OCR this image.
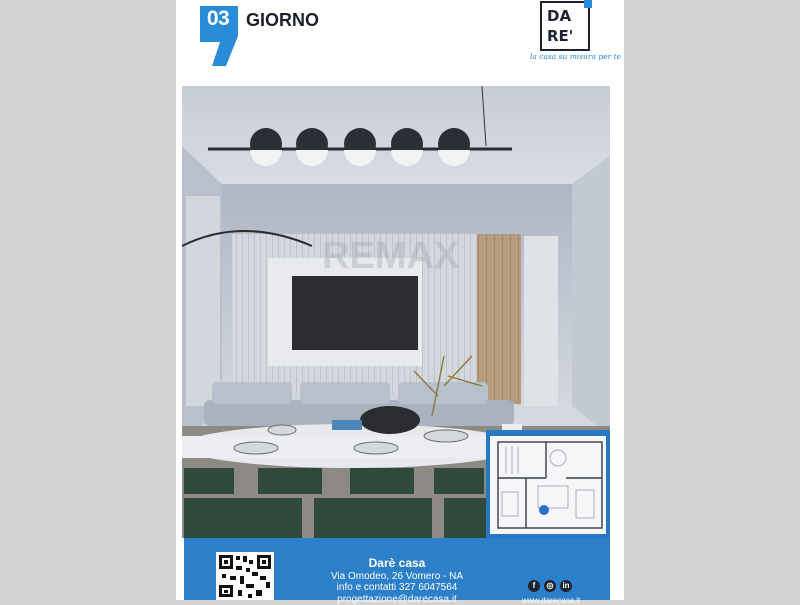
03 GIORNO	DA
RE'
la casa su misura per te
REMAX
Darè casa
Via Omodeo, 26 Vomero - NA
info e contatti 327 6047564
progettazione@darecasa.it
f	◎	in
www.darecasa.it
